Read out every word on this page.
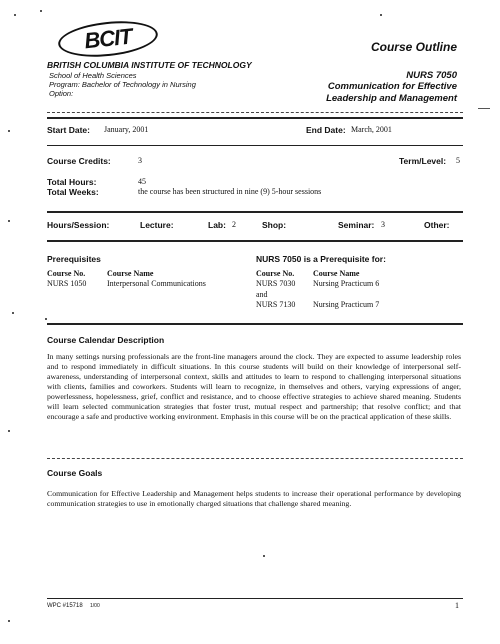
BCIT
BRITISH COLUMBIA INSTITUTE OF TECHNOLOGY
School of Health Sciences
Program: Bachelor of Technology in Nursing
Option:
Course Outline
NURS 7050
Communication for Effective
Leadership and Management
Start Date: January, 2001	End Date: March, 2001
Course Credits:	3	Term/Level: 5
Total Hours:	45
Total Weeks:	the course has been structured in nine (9) 5-hour sessions
Hours/Session:	Lecture:	Lab: 2	Shop:	Seminar: 3	Other:
Prerequisites
Course No.	Course Name
NURS 1050	Interpersonal Communications
NURS 7050 is a Prerequisite for:
Course No. Course Name
NURS 7030 Nursing Practicum 6
and
NURS 7130 Nursing Practicum 7
Course Calendar Description
In many settings nursing professionals are the front-line managers around the clock. They are expected to assume leadership roles and to respond immediately in difficult situations. In this course students will build on their knowledge of interpersonal self-awareness, understanding of interpersonal context, skills and attitudes to learn to respond to challenging interpersonal situations with clients, families and coworkers. Students will learn to recognize, in themselves and others, varying expressions of anger, powerlessness, hopelessness, grief, conflict and resistance, and to choose effective strategies to achieve shared meaning. Students will learn selected communication strategies that foster trust, mutual respect and partnership; that resolve conflict; and that encourage a safe and productive working environment. Emphasis in this course will be on the practical application of these skills.
Course Goals
Communication for Effective Leadership and Management helps students to increase their operational performance by developing communication strategies to use in emotionally charged situations that challenge shared meaning.
WPC #15718 1/00	1
